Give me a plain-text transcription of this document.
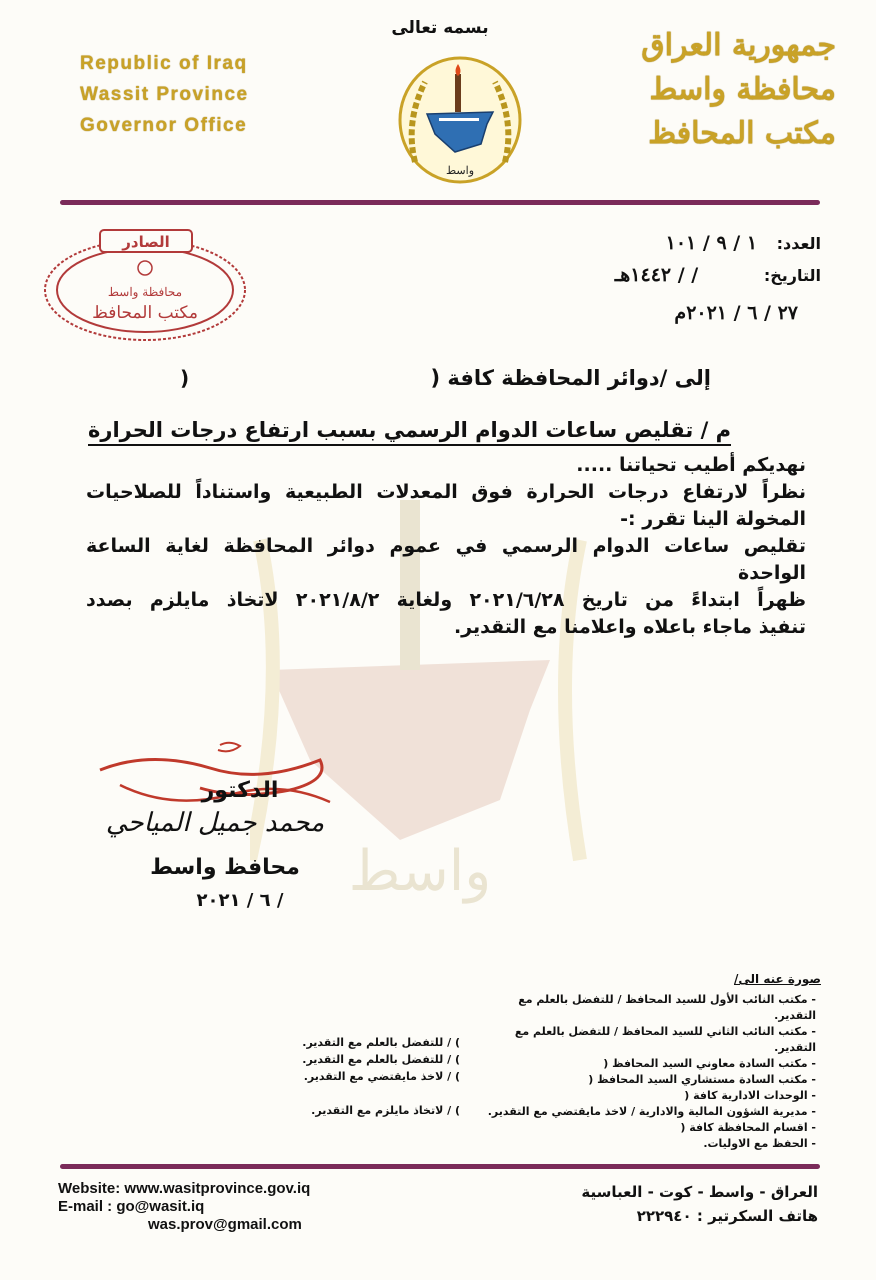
بسمه تعالى
Republic of Iraq
Wassit Province
Governor Office
جمهورية العراق
محافظة واسط
مكتب المحافظ
واسط
الصادر
محافظة واسط
مكتب المحافظ
العدد: ١ / ٩ / ١٠١
التاريخ: / / ١٤٤٢هـ
٢٧ / ٦ / ٢٠٢١م
واسط
إلى /دوائر المحافظة كافة (
)
م / تقليص ساعات الدوام الرسمي بسبب ارتفاع درجات الحرارة

نهديكم أطيب تحياتنا .....

نظراً لارتفاع درجات الحرارة فوق المعدلات الطبيعية واستناداً للصلاحيات

المخولة الينا تقرر :-

تقليص ساعات الدوام الرسمي في عموم دوائر المحافظة لغاية الساعة الواحدة

ظهراً ابتداءً من تاريخ ٢٠٢١/٦/٢٨ ولغاية ٢٠٢١/٨/٢ لاتخاذ مايلزم بصدد

تنفيذ ماجاء باعلاه واعلامنا مع التقدير.

الدكتور
محمد جميل المياحي
محافظ واسط
/ ٦ / ٢٠٢١
صورة عنه الى/
- مكتب النائب الأول للسيد المحافظ / للتفضل بالعلم مع التقدير.
- مكتب النائب الثاني للسيد المحافظ / للتفضل بالعلم مع التقدير.
- مكتب السادة معاوني السيد المحافظ (
- مكتب السادة مستشاري السيد المحافظ (
- الوحدات الادارية كافة (
- مديرية الشؤون المالية والادارية / لاخذ مايقتضي مع التقدير.
- اقسام المحافظة كافة (
- الحفظ مع الاوليات.
) / للتفضل بالعلم مع التقدير.
) / للتفضل بالعلم مع التقدير.
) / لاخذ مايقتضي مع التقدير.
) / لاتخاذ مايلزم مع التقدير.
Website: www.wasitprovince.gov.iq
E-mail : go@wasit.iq
was.prov@gmail.com
العراق - واسط - كوت - العباسية
هاتف السكرتير : ٢٢٢٩٤٠
